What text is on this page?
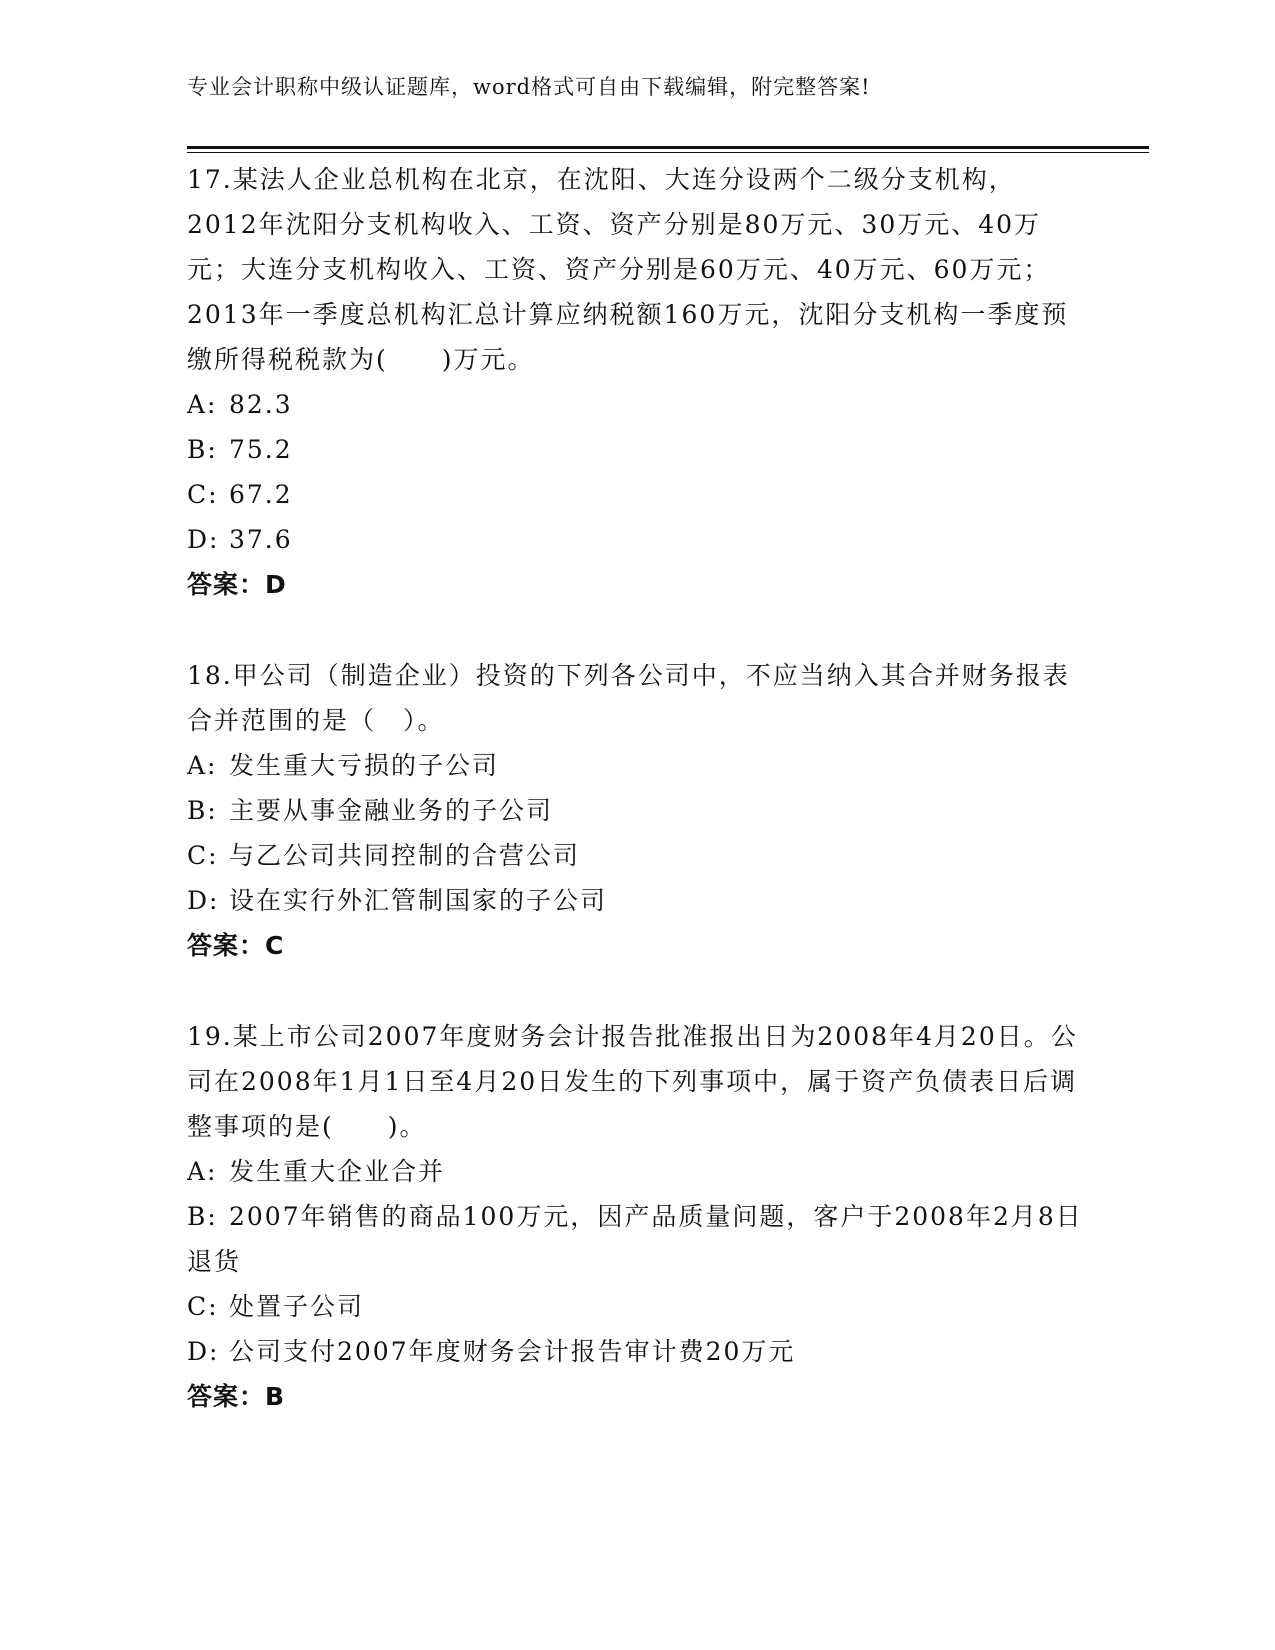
专业会计职称中级认证题库，word格式可自由下载编辑，附完整答案!

17.某法人企业总机构在北京，在沈阳、大连分设两个二级分支机构，2012年沈阳分支机构收入、工资、资产分别是80万元、30万元、40万元；大连分支机构收入、工资、资产分别是60万元、40万元、60万元；2013年一季度总机构汇总计算应纳税额160万元，沈阳分支机构一季度预缴所得税税款为(　　)万元。

A: 82.3

B: 75.2

C: 67.2

D: 37.6

答案：D

18.甲公司（制造企业）投资的下列各公司中，不应当纳入其合并财务报表合并范围的是（　）。

A: 发生重大亏损的子公司

B: 主要从事金融业务的子公司

C: 与乙公司共同控制的合营公司

D: 设在实行外汇管制国家的子公司

答案：C

19.某上市公司2007年度财务会计报告批准报出日为2008年4月20日。公司在2008年1月1日至4月20日发生的下列事项中，属于资产负债表日后调整事项的是(　　)。

A: 发生重大企业合并

B: 2007年销售的商品100万元，因产品质量问题，客户于2008年2月8日退货

C: 处置子公司

D: 公司支付2007年度财务会计报告审计费20万元

答案：B
